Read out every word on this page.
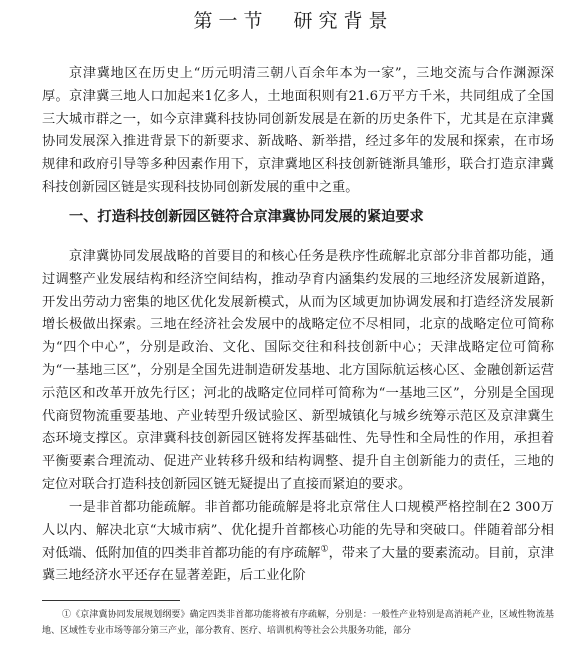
第一节　研究背景

京津冀地区在历史上“历元明清三朝八百余年本为一家”，三地交流与合作渊源深厚。京津冀三地人口加起来1亿多人，土地面积则有21.6万平方千米，共同组成了全国三大城市群之一，如今京津冀科技协同创新发展是在新的历史条件下，尤其是在京津冀协同发展深入推进背景下的新要求、新战略、新举措，经过多年的发展和探索，在市场规律和政府引导等多种因素作用下，京津冀地区科技创新链渐具雏形，联合打造京津冀科技创新园区链是实现科技协同创新发展的重中之重。

一、打造科技创新园区链符合京津冀协同发展的紧迫要求

京津冀协同发展战略的首要目的和核心任务是秩序性疏解北京部分非首都功能，通过调整产业发展结构和经济空间结构，推动孕育内涵集约发展的三地经济发展新道路，开发出劳动力密集的地区优化发展新模式，从而为区域更加协调发展和打造经济发展新增长极做出探索。三地在经济社会发展中的战略定位不尽相同，北京的战略定位可简称为“四个中心”，分别是政治、文化、国际交往和科技创新中心；天津战略定位可简称为“一基地三区”，分别是全国先进制造研发基地、北方国际航运核心区、金融创新运营示范区和改革开放先行区；河北的战略定位同样可简称为“一基地三区”，分别是全国现代商贸物流重要基地、产业转型升级试验区、新型城镇化与城乡统筹示范区及京津冀生态环境支撑区。京津冀科技创新园区链将发挥基础性、先导性和全局性的作用，承担着平衡要素合理流动、促进产业转移升级和结构调整、提升自主创新能力的责任，三地的定位对联合打造科技创新园区链无疑提出了直接而紧迫的要求。

一是非首都功能疏解。非首都功能疏解是将北京常住人口规模严格控制在2 300万人以内、解决北京“大城市病”、优化提升首都核心功能的先导和突破口。伴随着部分相对低端、低附加值的四类非首都功能的有序疏解①，带来了大量的要素流动。目前，京津冀三地经济水平还存在显著差距，后工业化阶

①《京津冀协同发展规划纲要》确定四类非首都功能将被有序疏解，分别是：一般性产业特别是高消耗产业，区域性物流基地、区域性专业市场等部分第三产业，部分教育、医疗、培训机构等社会公共服务功能，部分
